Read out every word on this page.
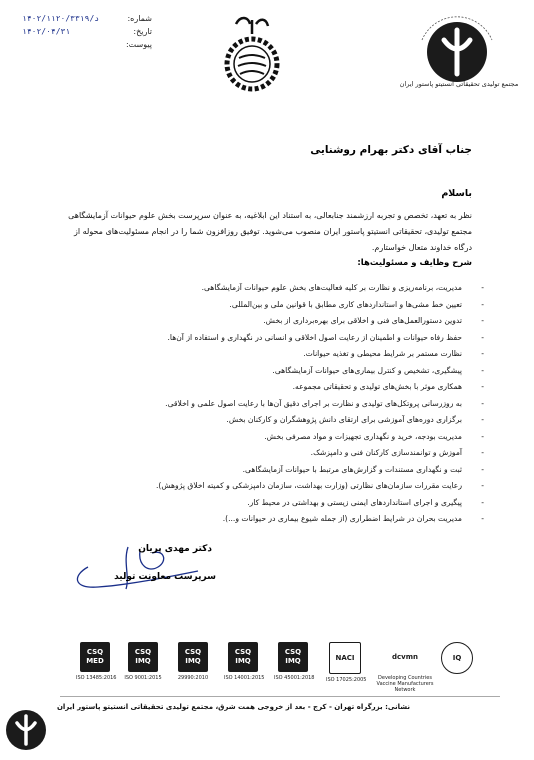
شماره:
۱۴۰۲/د/۱۱۲۰/۳۳۱۹
تاریخ:
۱۴۰۲/۰۴/۳۱
پیوست:
مجتمع تولیدی تحقیقاتی انستیتو پاستور ایران
جناب آقای دکتر بهرام روشنایی
باسلام
نظر به تعهد، تخصص و تجربه ارزشمند جنابعالی، به استناد این ابلاغیه، به عنوان سرپرست بخش علوم حیوانات آزمایشگاهی مجتمع تولیدی، تحقیقاتی انستیتو پاستور ایران منصوب می‌شوید. توفیق روزافزون شما را در انجام مسئولیت‌های محوله از درگاه خداوند متعال خواستارم.
شرح وظایف و مسئولیت‌ها:
-
مدیریت، برنامه‌ریزی و نظارت بر کلیه فعالیت‌های بخش علوم حیوانات آزمایشگاهی.
-
تعیین خط مشی‌ها و استانداردهای کاری مطابق با قوانین ملی و بین‌المللی.
-
تدوین دستورالعمل‌های فنی و اخلاقی برای بهره‌برداری از بخش.
-
حفظ رفاه حیوانات و اطمینان از رعایت اصول اخلاقی و انسانی در نگهداری و استفاده از آن‌ها.
-
نظارت مستمر بر شرایط محیطی و تغذیه حیوانات.
-
پیشگیری، تشخیص و کنترل بیماری‌های حیوانات آزمایشگاهی.
-
همکاری موثر با بخش‌های تولیدی و تحقیقاتی مجموعه.
-
به روزرسانی پروتکل‌های تولیدی و نظارت بر اجرای دقیق آن‌ها با رعایت اصول علمی و اخلاقی.
-
برگزاری دوره‌های آموزشی برای ارتقای دانش پژوهشگران و کارکنان بخش.
-
مدیریت بودجه، خرید و نگهداری تجهیزات و مواد مصرفی بخش.
-
آموزش و توانمندسازی کارکنان فنی و دامپزشک.
-
ثبت و نگهداری مستندات و گزارش‌های مرتبط با حیوانات آزمایشگاهی.
-
رعایت مقررات سازمان‌های نظارتی (وزارت بهداشت، سازمان دامپزشکی و کمیته اخلاق پژوهش).
-
پیگیری و اجرای استانداردهای ایمنی زیستی و بهداشتی در محیط کار.
-
مدیریت بحران در شرایط اضطراری (از جمله شیوع بیماری در حیوانات و...).
دکتر مهدی پریان
سرپرست معاونت تولید
CSQ MED
ISO 13485:2016
CSQ IMQ
ISO 9001:2015
CSQ IMQ
29990:2010
CSQ IMQ
ISO 14001:2015
CSQ IMQ
ISO 45001:2018
NACI
ISO 17025:2005
dcvmn
Developing Countries Vaccine Manufacturers Network
IQ
نشانی: بزرگراه تهران - کرج - بعد از خروجی همت شرق، مجتمع تولیدی تحقیقاتی انستیتو پاستور ایران
